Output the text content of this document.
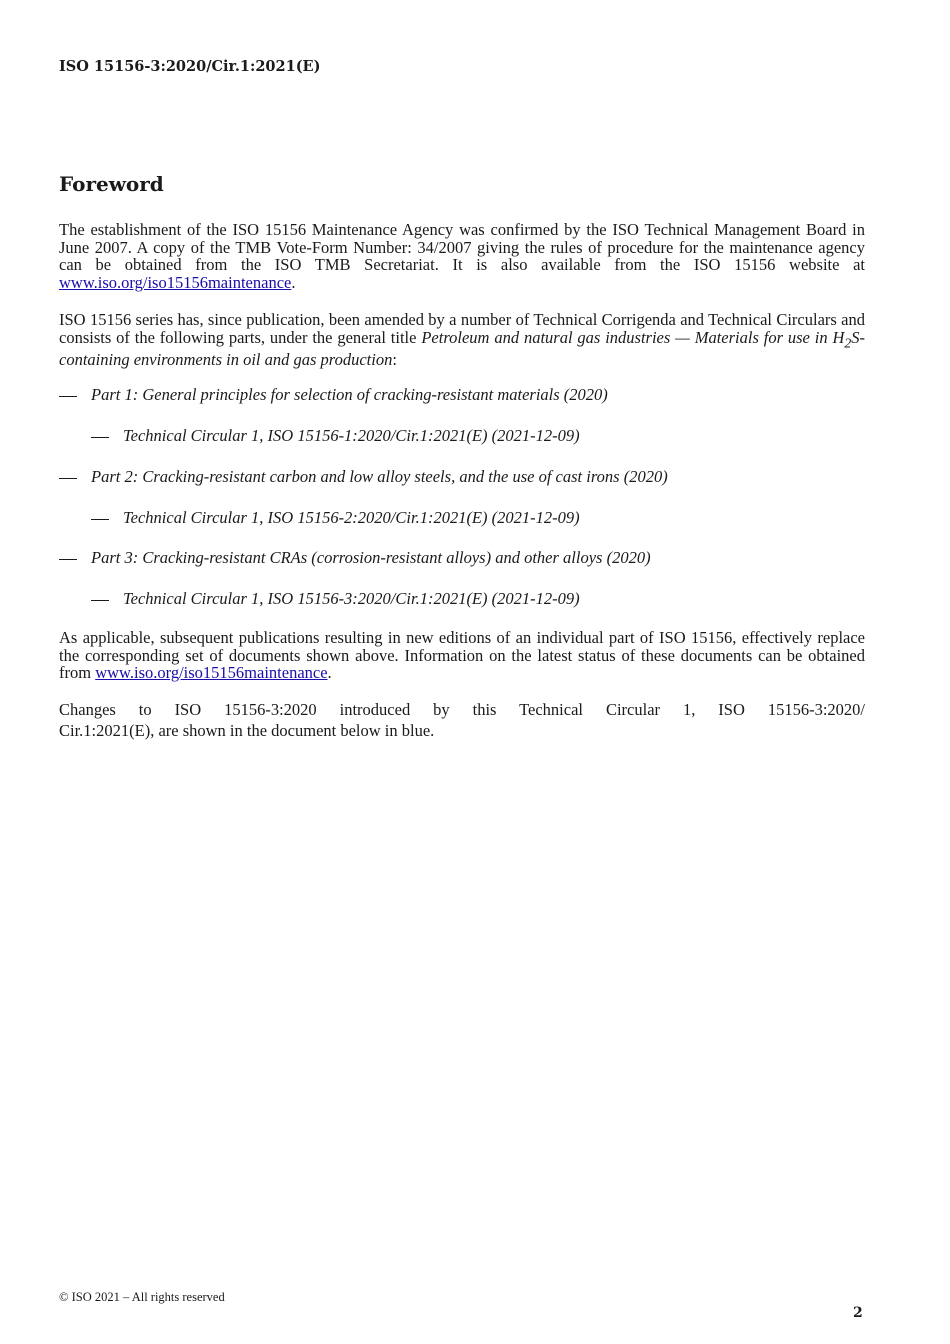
ISO 15156-3:2020/Cir.1:2021(E)
Foreword

The establishment of the ISO 15156 Maintenance Agency was confirmed by the ISO Technical Management Board in June 2007. A copy of the TMB Vote-Form Number: 34/2007 giving the rules of procedure for the maintenance agency can be obtained from the ISO TMB Secretariat. It is also available from the ISO 15156 website at www.iso.org/iso15156maintenance.

ISO 15156 series has, since publication, been amended by a number of Technical Corrigenda and Technical Circulars and consists of the following parts, under the general title Petroleum and natural gas industries — Materials for use in $H_2S$-containing environments in oil and gas production:

Part 1: General principles for selection of cracking-resistant materials (2020)
Technical Circular 1, ISO 15156-1:2020/Cir.1:2021(E) (2021-12-09)
Part 2: Cracking-resistant carbon and low alloy steels, and the use of cast irons (2020)
Technical Circular 1, ISO 15156-2:2020/Cir.1:2021(E) (2021-12-09)
Part 3: Cracking-resistant CRAs (corrosion-resistant alloys) and other alloys (2020)
Technical Circular 1, ISO 15156-3:2020/Cir.1:2021(E) (2021-12-09)

As applicable, subsequent publications resulting in new editions of an individual part of ISO 15156, effectively replace the corresponding set of documents shown above. Information on the latest status of these documents can be obtained from www.iso.org/iso15156maintenance.

Changes to ISO 15156-3:2020 introduced by this Technical Circular 1, ISO 15156-3:2020/
Cir.1:2021(E), are shown in the document below in blue.
© ISO 2021 – All rights reserved
2
